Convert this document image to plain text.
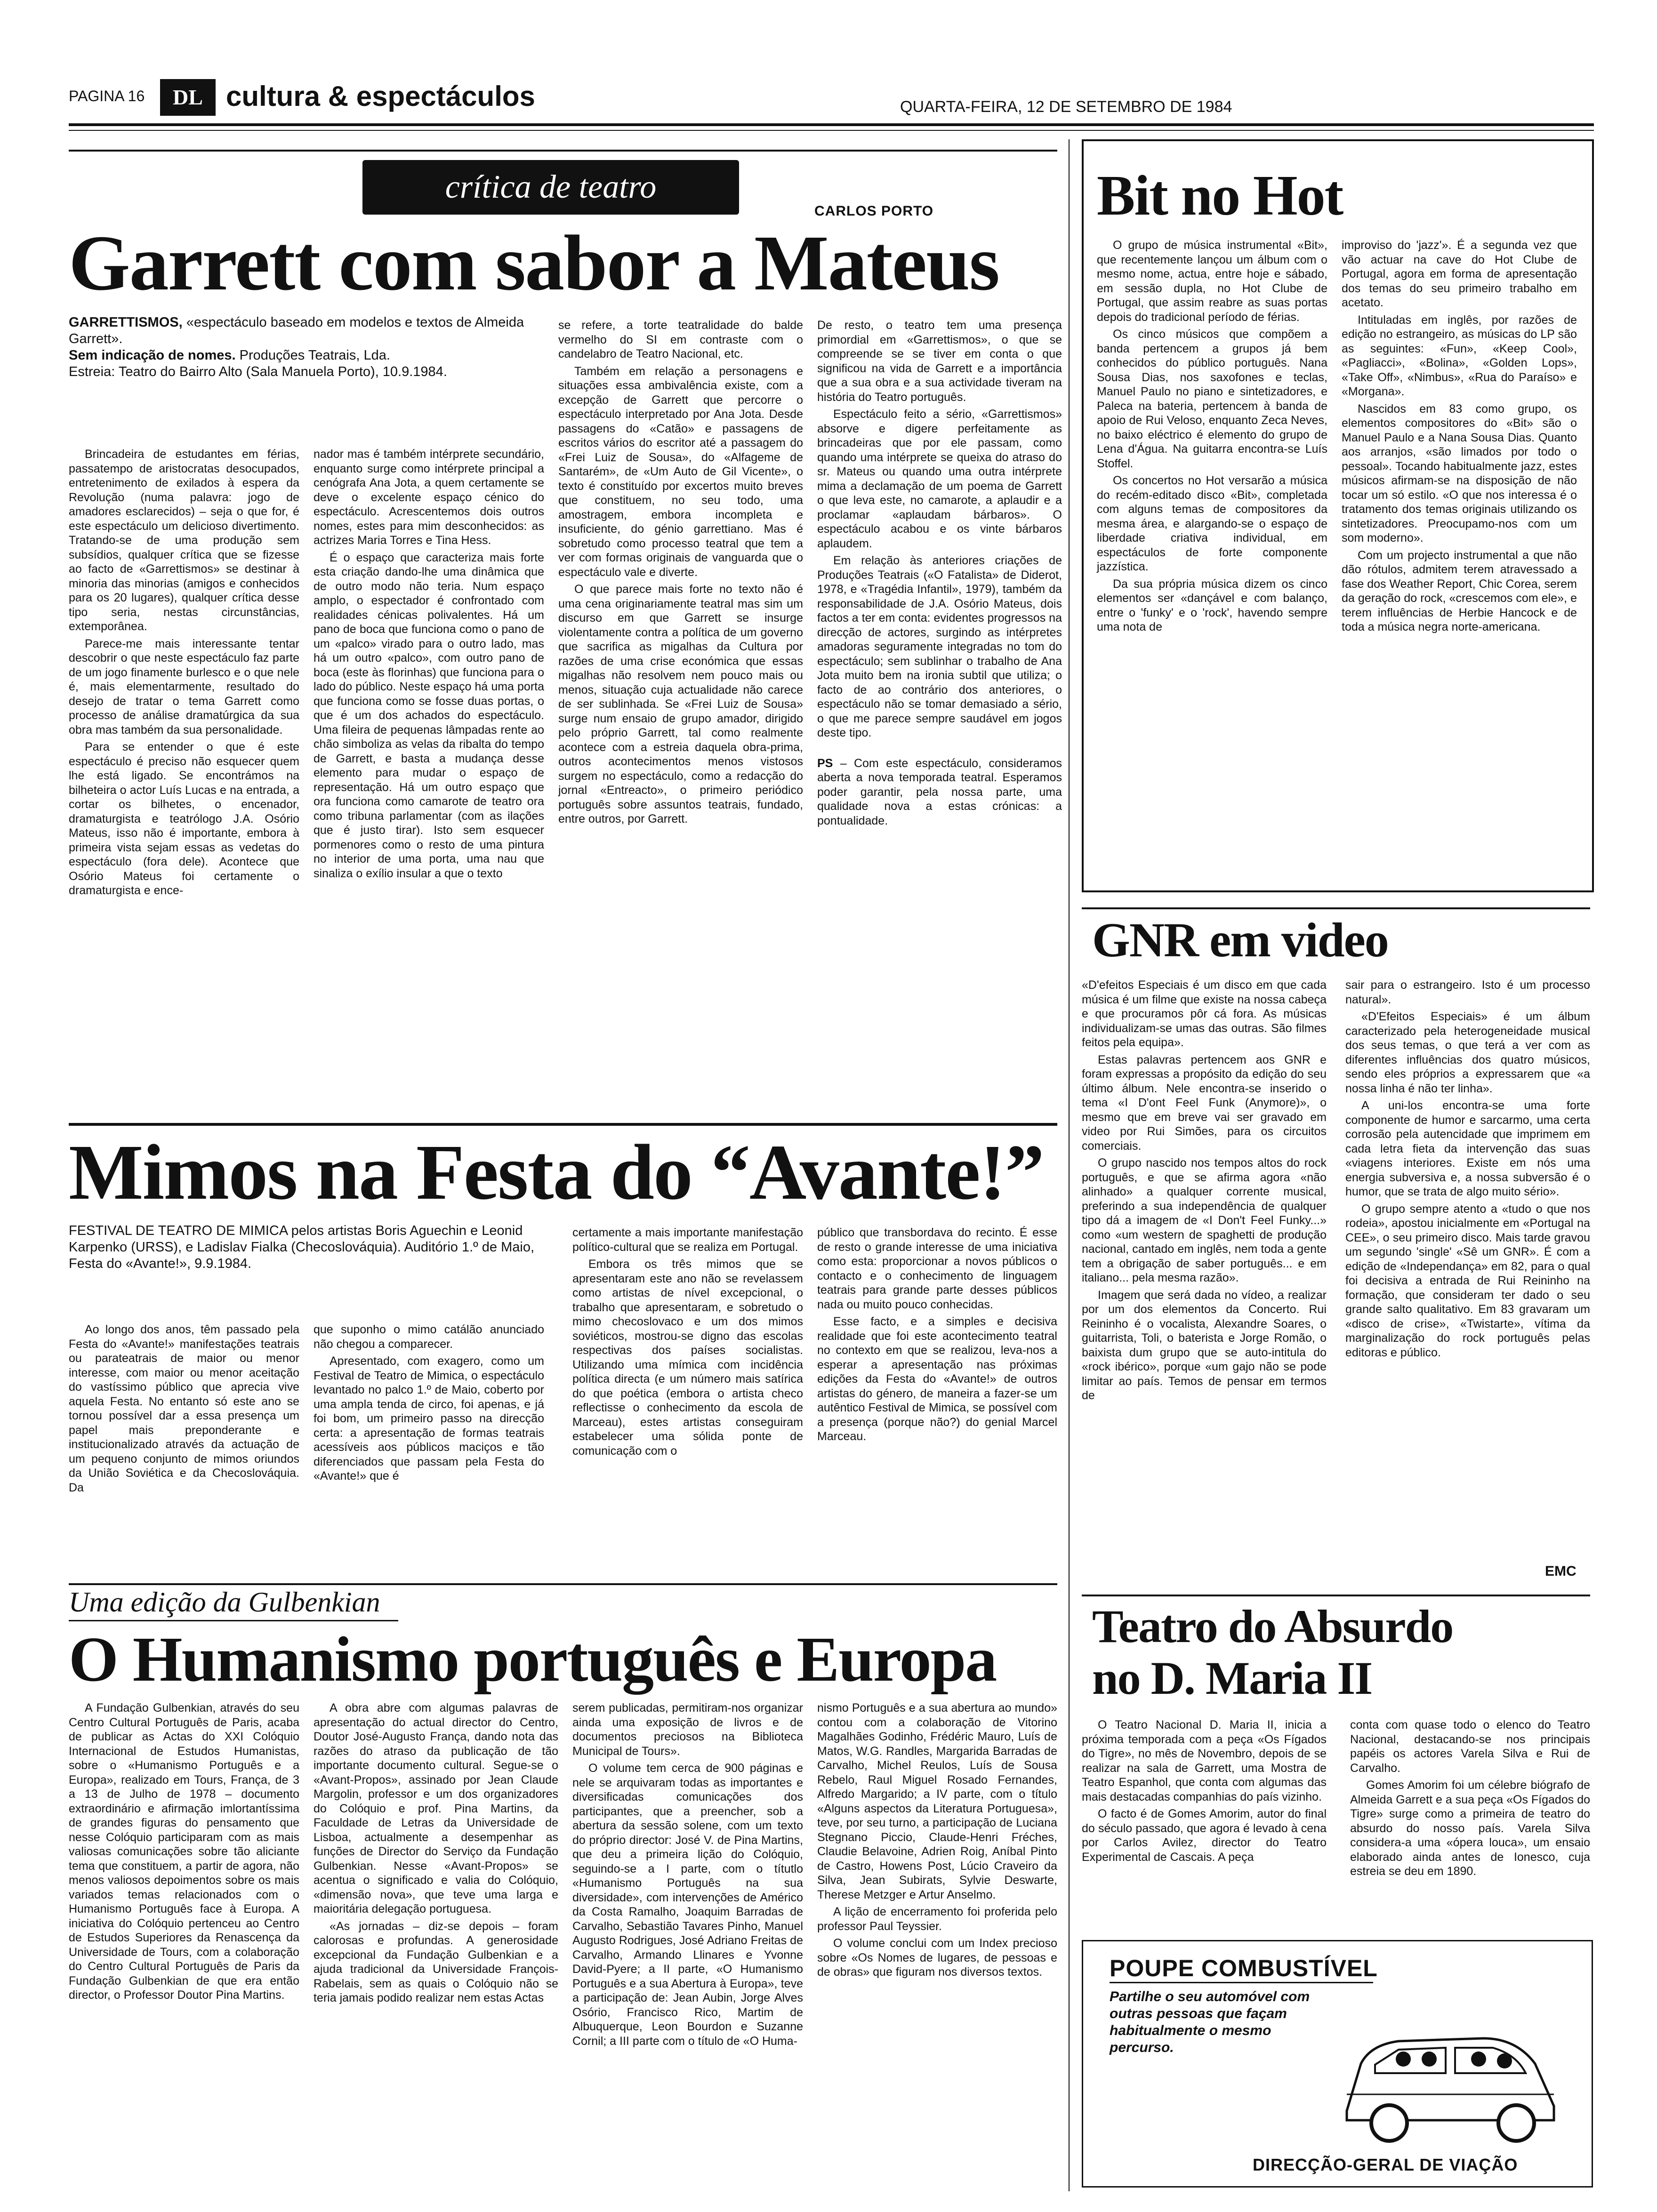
PAGINA 16	DL cultura & espectáculos	QUARTA-FEIRA, 12 DE SETEMBRO DE 1984
crítica de teatro
CARLOS PORTO
Garrett com sabor a Mateus
GARRETTISMOS, «espectáculo baseado em modelos e textos de Almeida Garrett».
Sem indicação de nomes. Produções Teatrais, Lda.
Estreia: Teatro do Bairro Alto (Sala Manuela Porto), 10.9.1984.

Brincadeira de estudantes em férias, passatempo de aristocratas desocupados, entretenimento de exilados à espera da Revolução (numa palavra: jogo de amadores esclarecidos) – seja o que for, é este espectáculo um delicioso divertimento. Tratando-se de uma produção sem subsídios, qualquer crítica que se fizesse ao facto de «Garrettismos» se destinar à minoria das minorias (amigos e conhecidos para os 20 lugares), qualquer crítica desse tipo seria, nestas circunstâncias, extemporânea.

Parece-me mais interessante tentar descobrir o que neste espectáculo faz parte de um jogo finamente burlesco e o que nele é, mais elementarmente, resultado do desejo de tratar o tema Garrett como processo de análise dramatúrgica da sua obra mas também da sua personalidade.

Para se entender o que é este espectáculo é preciso não esquecer quem lhe está ligado. Se encontrámos na bilheteira o actor Luís Lucas e na entrada, a cortar os bilhetes, o encenador, dramaturgista e teatrólogo J.A. Osório Mateus, isso não é importante, embora à primeira vista sejam essas as vedetas do espectáculo (fora dele). Acontece que Osório Mateus foi certamente o dramaturgista e ence-

nador mas é também intérprete secundário, enquanto surge como intérprete principal a cenógrafa Ana Jota, a quem certamente se deve o excelente espaço cénico do espectáculo. Acrescentemos dois outros nomes, estes para mim desconhecidos: as actrizes Maria Torres e Tina Hess.

É o espaço que caracteriza mais forte esta criação dando-lhe uma dinâmica que de outro modo não teria. Num espaço amplo, o espectador é confrontado com realidades cénicas polivalentes. Há um pano de boca que funciona como o pano de um «palco» virado para o outro lado, mas há um outro «palco», com outro pano de boca (este às florinhas) que funciona para o lado do público. Neste espaço há uma porta que funciona como se fosse duas portas, o que é um dos achados do espectáculo. Uma fileira de pequenas lâmpadas rente ao chão simboliza as velas da ribalta do tempo de Garrett, e basta a mudança desse elemento para mudar o espaço de representação. Há um outro espaço que ora funciona como camarote de teatro ora como tribuna parlamentar (com as ilações que é justo tirar). Isto sem esquecer pormenores como o resto de uma pintura no interior de uma porta, uma nau que sinaliza o exílio insular a que o texto

se refere, a torte teatralidade do balde vermelho do SI em contraste com o candelabro de Teatro Nacional, etc.

Também em relação a personagens e situações essa ambivalência existe, com a excepção de Garrett que percorre o espectáculo interpretado por Ana Jota. Desde passagens do «Catão» e passagens de escritos vários do escritor até a passagem do «Frei Luiz de Sousa», do «Alfageme de Santarém», de «Um Auto de Gil Vicente», o texto é constituído por excertos muito breves que constituem, no seu todo, uma amostragem, embora incompleta e insuficiente, do génio garrettiano. Mas é sobretudo como processo teatral que tem a ver com formas originais de vanguarda que o espectáculo vale e diverte.

O que parece mais forte no texto não é uma cena originariamente teatral mas sim um discurso em que Garrett se insurge violentamente contra a política de um governo que sacrifica as migalhas da Cultura por razões de uma crise económica que essas migalhas não resolvem nem pouco mais ou menos, situação cuja actualidade não carece de ser sublinhada. Se «Frei Luiz de Sousa» surge num ensaio de grupo amador, dirigido pelo próprio Garrett, tal como realmente acontece com a estreia daquela obra-prima, outros acontecimentos menos vistosos surgem no espectáculo, como a redacção do jornal «Entreacto», o primeiro periódico português sobre assuntos teatrais, fundado, entre outros, por Garrett.

De resto, o teatro tem uma presença primordial em «Garrettismos», o que se compreende se se tiver em conta o que significou na vida de Garrett e a importância que a sua obra e a sua actividade tiveram na história do Teatro português.

Espectáculo feito a sério, «Garrettismos» absorve e digere perfeitamente as brincadeiras que por ele passam, como quando uma intérprete se queixa do atraso do sr. Mateus ou quando uma outra intérprete mima a declamação de um poema de Garrett o que leva este, no camarote, a aplaudir e a proclamar «aplaudam bárbaros». O espectáculo acabou e os vinte bárbaros aplaudem.

Em relação às anteriores criações de Produções Teatrais («O Fatalista» de Diderot, 1978, e «Tragédia Infantil», 1979), também da responsabilidade de J.A. Osório Mateus, dois factos a ter em conta: evidentes progressos na direcção de actores, surgindo as intérpretes amadoras seguramente integradas no tom do espectáculo; sem sublinhar o trabalho de Ana Jota muito bem na ironia subtil que utiliza; o facto de ao contrário dos anteriores, o espectáculo não se tomar demasiado a sério, o que me parece sempre saudável em jogos deste tipo.

PS – Com este espectáculo, consideramos aberta a nova temporada teatral. Esperamos poder garantir, pela nossa parte, uma qualidade nova a estas crónicas: a pontualidade.

Bit no Hot

O grupo de música instrumental «Bit», que recentemente lançou um álbum com o mesmo nome, actua, entre hoje e sábado, em sessão dupla, no Hot Clube de Portugal, que assim reabre as suas portas depois do tradicional período de férias.

Os cinco músicos que compõem a banda pertencem a grupos já bem conhecidos do público português. Nana Sousa Dias, nos saxofones e teclas, Manuel Paulo no piano e sintetizadores, e Paleca na bateria, pertencem à banda de apoio de Rui Veloso, enquanto Zeca Neves, no baixo eléctrico é elemento do grupo de Lena d'Água. Na guitarra encontra-se Luís Stoffel.

Os concertos no Hot versarão a música do recém-editado disco «Bit», completada com alguns temas de compositores da mesma área, e alargando-se o espaço de liberdade criativa individual, em espectáculos de forte componente jazzística.

Da sua própria música dizem os cinco elementos ser «dançável e com balanço, entre o 'funky' e o 'rock', havendo sempre uma nota de

improviso do 'jazz'». É a segunda vez que vão actuar na cave do Hot Clube de Portugal, agora em forma de apresentação dos temas do seu primeiro trabalho em acetato.

Intituladas em inglês, por razões de edição no estrangeiro, as músicas do LP são as seguintes: «Fun», «Keep Cool», «Pagliacci», «Bolina», «Golden Lops», «Take Off», «Nimbus», «Rua do Paraíso» e «Morgana».

Nascidos em 83 como grupo, os elementos compositores do «Bit» são o Manuel Paulo e a Nana Sousa Dias. Quanto aos arranjos, «são limados por todo o pessoal». Tocando habitualmente jazz, estes músicos afirmam-se na disposição de não tocar um só estilo. «O que nos interessa é o tratamento dos temas originais utilizando os sintetizadores. Preocupamo-nos com um som moderno».

Com um projecto instrumental a que não dão rótulos, admitem terem atravessado a fase dos Weather Report, Chic Corea, serem da geração do rock, «crescemos com ele», e terem influências de Herbie Hancock e de toda a música negra norte-americana.

GNR em video

«D'efeitos Especiais é um disco em que cada música é um filme que existe na nossa cabeça e que procuramos pôr cá fora. As músicas individualizam-se umas das outras. São filmes feitos pela equipa».

Estas palavras pertencem aos GNR e foram expressas a propósito da edição do seu último álbum. Nele encontra-se inserido o tema «I D'ont Feel Funk (Anymore)», o mesmo que em breve vai ser gravado em video por Rui Simões, para os circuitos comerciais.

O grupo nascido nos tempos altos do rock português, e que se afirma agora «não alinhado» a qualquer corrente musical, preferindo a sua independência de qualquer tipo dá a imagem de «I Don't Feel Funky...» como «um western de spaghetti de produção nacional, cantado em inglês, nem toda a gente tem a obrigação de saber português... e em italiano... pela mesma razão».

Imagem que será dada no vídeo, a realizar por um dos elementos da Concerto. Rui Reininho é o vocalista, Alexandre Soares, o guitarrista, Toli, o baterista e Jorge Romão, o baixista dum grupo que se auto-intitula do «rock ibérico», porque «um gajo não se pode limitar ao país. Temos de pensar em termos de

sair para o estrangeiro. Isto é um processo natural».

«D'Efeitos Especiais» é um álbum caracterizado pela heterogeneidade musical dos seus temas, o que terá a ver com as diferentes influências dos quatro músicos, sendo eles próprios a expressarem que «a nossa linha é não ter linha».

A uni-los encontra-se uma forte componente de humor e sarcarmo, uma certa corrosão pela autencidade que imprimem em cada letra fieta da intervenção das suas «viagens interiores. Existe em nós uma energia subversiva e, a nossa subversão é o humor, que se trata de algo muito sério».

O grupo sempre atento a «tudo o que nos rodeia», apostou inicialmente em «Portugal na CEE», o seu primeiro disco. Mais tarde gravou um segundo 'single' «Sê um GNR». É com a edição de «Independança» em 82, para o qual foi decisiva a entrada de Rui Reininho na formação, que consideram ter dado o seu grande salto qualitativo. Em 83 gravaram um «disco de crise», «Twistarte», vítima da marginalização do rock português pelas editoras e público.

EMC
Mimos na Festa do “Avante!”
FESTIVAL DE TEATRO DE MIMICA pelos artistas Boris Aguechin e Leonid Karpenko (URSS), e Ladislav Fialka (Checoslováquia). Auditório 1.º de Maio, Festa do «Avante!», 9.9.1984.

Ao longo dos anos, têm passado pela Festa do «Avante!» manifestações teatrais ou parateatrais de maior ou menor interesse, com maior ou menor aceitação do vastíssimo público que aprecia vive aquela Festa. No entanto só este ano se tornou possível dar a essa presença um papel mais preponderante e institucionalizado através da actuação de um pequeno conjunto de mimos oriundos da União Soviética e da Checoslováquia. Da

que suponho o mimo catálão anunciado não chegou a comparecer.

Apresentado, com exagero, como um Festival de Teatro de Mimica, o espectáculo levantado no palco 1.º de Maio, coberto por uma ampla tenda de circo, foi apenas, e já foi bom, um primeiro passo na direcção certa: a apresentação de formas teatrais acessíveis aos públicos maciços e tão diferenciados que passam pela Festa do «Avante!» que é

certamente a mais importante manifestação político-cultural que se realiza em Portugal.

Embora os três mimos que se apresentaram este ano não se revelassem como artistas de nível excepcional, o trabalho que apresentaram, e sobretudo o mimo checoslovaco e um dos mimos soviéticos, mostrou-se digno das escolas respectivas dos países socialistas. Utilizando uma mímica com incidência política directa (e um número mais satírica do que poética (embora o artista checo reflectisse o conhecimento da escola de Marceau), estes artistas conseguiram estabelecer uma sólida ponte de comunicação com o

público que transbordava do recinto. É esse de resto o grande interesse de uma iniciativa como esta: proporcionar a novos públicos o contacto e o conhecimento de linguagem teatrais para grande parte desses públicos nada ou muito pouco conhecidas.

Esse facto, e a simples e decisiva realidade que foi este acontecimento teatral no contexto em que se realizou, leva-nos a esperar a apresentação nas próximas edições da Festa do «Avante!» de outros artistas do género, de maneira a fazer-se um autêntico Festival de Mimica, se possível com a presença (porque não?) do genial Marcel Marceau.

Uma edição da Gulbenkian
O Humanismo português e Europa

A Fundação Gulbenkian, através do seu Centro Cultural Português de Paris, acaba de publicar as Actas do XXI Colóquio Internacional de Estudos Humanistas, sobre o «Humanismo Português e a Europa», realizado em Tours, França, de 3 a 13 de Julho de 1978 – documento extraordinário e afirmação imlortantíssima de grandes figuras do pensamento que nesse Colóquio participaram com as mais valiosas comunicações sobre tão aliciante tema que constituem, a partir de agora, não menos valiosos depoimentos sobre os mais variados temas relacionados com o Humanismo Português face à Europa. A iniciativa do Colóquio pertenceu ao Centro de Estudos Superiores da Renascença da Universidade de Tours, com a colaboração do Centro Cultural Português de Paris da Fundação Gulbenkian de que era então director, o Professor Doutor Pina Martins.

A obra abre com algumas palavras de apresentação do actual director do Centro, Doutor José-Augusto França, dando nota das razões do atraso da publicação de tão importante documento cultural. Segue-se o «Avant-Propos», assinado por Jean Claude Margolin, professor e um dos organizadores do Colóquio e prof. Pina Martins, da Faculdade de Letras da Universidade de Lisboa, actualmente a desempenhar as funções de Director do Serviço da Fundação Gulbenkian. Nesse «Avant-Propos» se acentua o significado e valia do Colóquio, «dimensão nova», que teve uma larga e maioritária delegação portuguesa.

«As jornadas – diz-se depois – foram calorosas e profundas. A generosidade excepcional da Fundação Gulbenkian e a ajuda tradicional da Universidade François-Rabelais, sem as quais o Colóquio não se teria jamais podido realizar nem estas Actas

serem publicadas, permitiram-nos organizar ainda uma exposição de livros e de documentos preciosos na Biblioteca Municipal de Tours».

O volume tem cerca de 900 páginas e nele se arquivaram todas as importantes e diversificadas comunicações dos participantes, que a preencher, sob a abertura da sessão solene, com um texto do próprio director: José V. de Pina Martins, que deu a primeira lição do Colóquio, seguindo-se a I parte, com o títutlo «Humanismo Português na sua diversidade», com intervenções de Américo da Costa Ramalho, Joaquim Barradas de Carvalho, Sebastião Tavares Pinho, Manuel Augusto Rodrigues, José Adriano Freitas de Carvalho, Armando Llinares e Yvonne David-Pyere; a II parte, «O Humanismo Português e a sua Abertura à Europa», teve a participação de: Jean Aubin, Jorge Alves Osório, Francisco Rico, Martim de Albuquerque, Leon Bourdon e Suzanne Cornil; a III parte com o título de «O Huma-

nismo Português e a sua abertura ao mundo» contou com a colaboração de Vitorino Magalhães Godinho, Frédéric Mauro, Luís de Matos, W.G. Randles, Margarida Barradas de Carvalho, Michel Reulos, Luís de Sousa Rebelo, Raul Miguel Rosado Fernandes, Alfredo Margarido; a IV parte, com o título «Alguns aspectos da Literatura Portuguesa», teve, por seu turno, a participação de Luciana Stegnano Piccio, Claude-Henri Fréches, Claudie Belavoine, Adrien Roig, Aníbal Pinto de Castro, Howens Post, Lúcio Craveiro da Silva, Jean Subirats, Sylvie Deswarte, Therese Metzger e Artur Anselmo.

A lição de encerramento foi proferida pelo professor Paul Teyssier.

O volume conclui com um Index precioso sobre «Os Nomes de lugares, de pessoas e de obras» que figuram nos diversos textos.

Teatro do Absurdo
no D. Maria II

O Teatro Nacional D. Maria II, inicia a próxima temporada com a peça «Os Fígados do Tigre», no mês de Novembro, depois de se realizar na sala de Garrett, uma Mostra de Teatro Espanhol, que conta com algumas das mais destacadas companhias do país vizinho.

O facto é de Gomes Amorim, autor do final do século passado, que agora é levado à cena por Carlos Avilez, director do Teatro Experimental de Cascais. A peça

conta com quase todo o elenco do Teatro Nacional, destacando-se nos principais papéis os actores Varela Silva e Rui de Carvalho.

Gomes Amorim foi um célebre biógrafo de Almeida Garrett e a sua peça «Os Fígados do Tigre» surge como a primeira de teatro do absurdo do nosso país. Varela Silva considera-a uma «ópera louca», um ensaio elaborado ainda antes de Ionesco, cuja estreia se deu em 1890.

POUPE COMBUSTÍVEL
Partilhe o seu automóvel com outras pessoas que façam habitualmente o mesmo percurso.
DIRECÇÃO-GERAL DE VIAÇÃO
